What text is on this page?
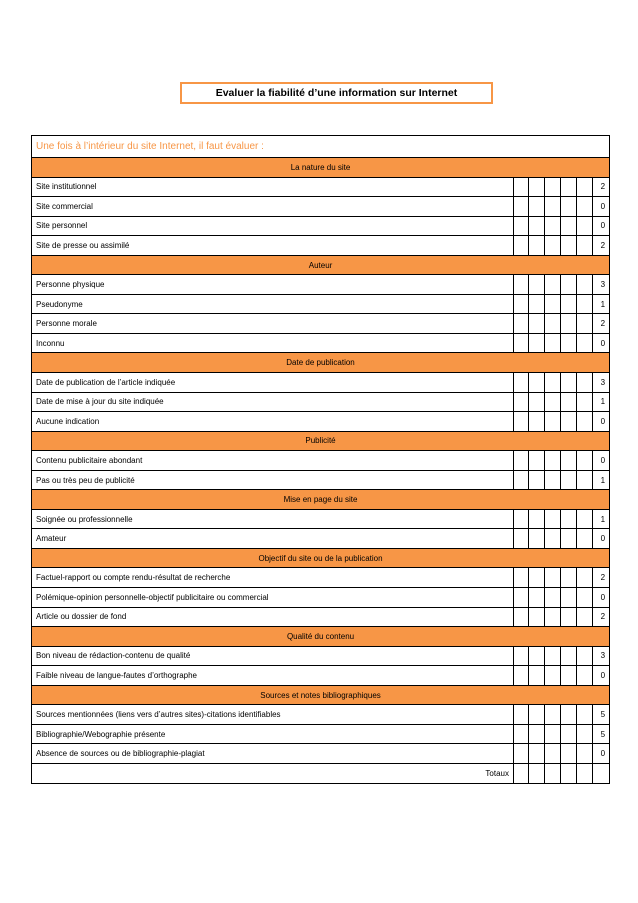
Evaluer la fiabilité d’une information sur Internet
Une fois à l’intérieur du site Internet, il faut évaluer :						
La nature du site						
Site institutionnel						2
Site commercial						0
Site personnel						0
Site de presse ou assimilé						2
Auteur						
Personne physique						3
Pseudonyme						1
Personne morale						2
Inconnu						0
Date de publication						
Date de publication de l’article indiquée						3
Date de mise à jour du site indiquée						1
Aucune indication						0
Publicité						
Contenu publicitaire abondant						0
Pas ou très peu de publicité						1
Mise en page du site						
Soignée ou professionnelle						1
Amateur						0
Objectif du site ou de la publication						
Factuel-rapport ou compte rendu-résultat de recherche						2
Polémique-opinion personnelle-objectif publicitaire ou commercial						0
Article ou dossier de fond						2
Qualité du contenu						
Bon niveau de rédaction-contenu de qualité						3
Faible niveau de langue-fautes d’orthographe						0
Sources et notes bibliographiques						
Sources mentionnées (liens vers d’autres sites)-citations identifiables						5
Bibliographie/Webographie présente						5
Absence de sources ou de bibliographie-plagiat						0
Totaux						
